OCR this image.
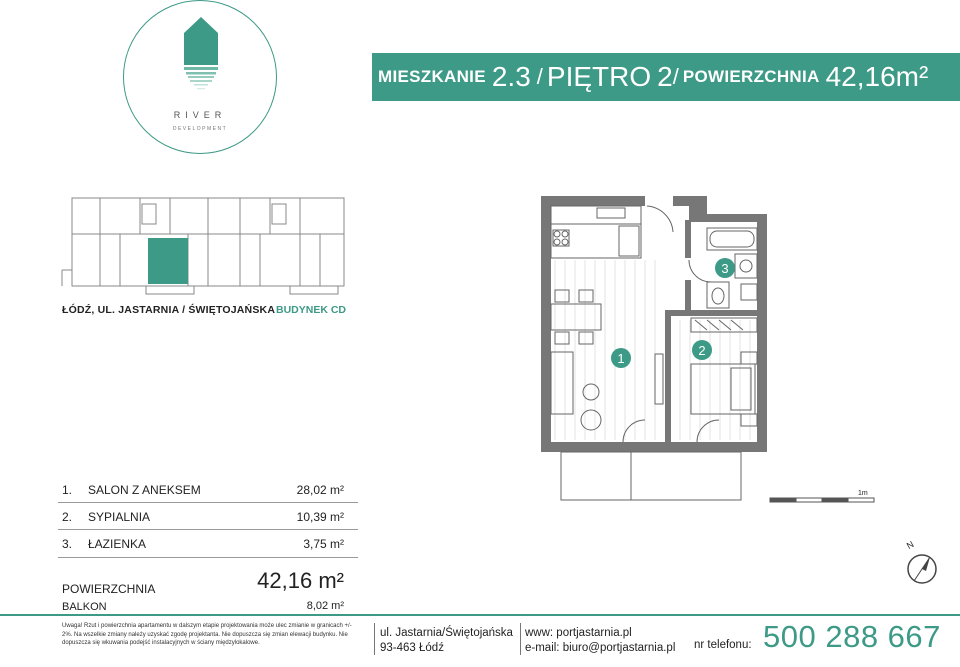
RIVER
DEVELOPMENT
MIESZKANIE 2.3 / PIĘTRO 2 / POWIERZCHNIA 42,16m²
ŁÓDŹ, UL. JASTARNIA / ŚWIĘTOJAŃSKA BUDYNEK CD
1
2
3
1m
N
1. SALON Z ANEKSEM	28,02 m²
2. SYPIALNIA	10,39 m²
3. ŁAZIENKA	3,75 m²
POWIERZCHNIA	42,16 m²
BALKON	8,02 m²
Uwaga! Rzut i powierzchnia apartamentu w dalszym etapie projektowania może ulec zmianie w granicach +/- 2%. Na wszelkie zmiany należy uzyskać zgodę projektanta. Nie dopuszcza się zmian elewacji budynku. Nie dopuszcza się wkuwania podejść instalacyjnych w ściany międzylokalowe.
ul. Jastarnia/Świętojańska
93-463 Łódź
www: portjastarnia.pl
e-mail: biuro@portjastarnia.pl nr telefonu: 500 288 667
